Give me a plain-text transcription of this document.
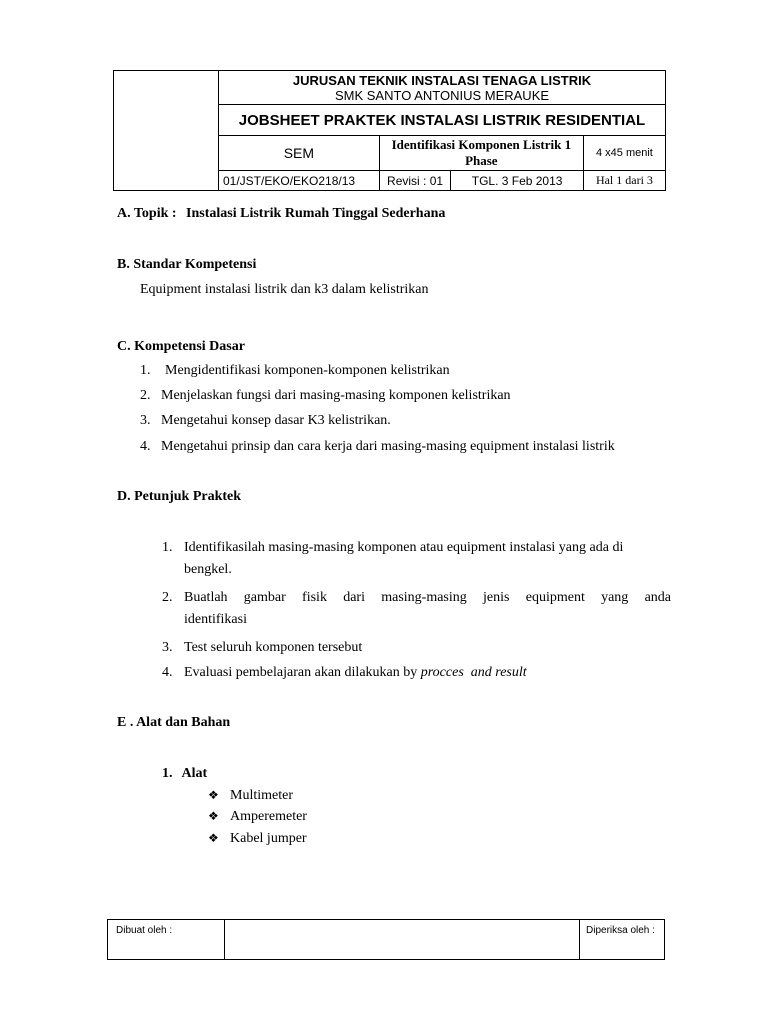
	JURUSAN TEKNIK INSTALASI TENAGA LISTRIK
SMK SANTO ANTONIUS MERAUKE			

	JOBSHEET PRAKTEK INSTALASI LISTRIK RESIDENTIAL			
	SEM	Identifikasi Komponen Listrik 1 Phase		4 x45 menit
	01/JST/EKO/EKO218/13	Revisi : 01	TGL. 3 Feb 2013	Hal 1 dari 3
A. Topik : Instalasi Listrik Rumah Tinggal Sederhana
B. Standar Kompetensi
Equipment instalasi listrik dan k3 dalam kelistrikan
C. Kompetensi Dasar
1. Mengidentifikasi komponen-komponen kelistrikan
2. Menjelaskan fungsi dari masing-masing komponen kelistrikan
3. Mengetahui konsep dasar K3 kelistrikan.
4. Mengetahui prinsip dan cara kerja dari masing-masing equipment instalasi listrik
D. Petunjuk Praktek
1. Identifikasilah masing-masing komponen atau equipment instalasi yang ada di
bengkel.
2. Buatlah  gambar  fisik  dari  masing-masing  jenis  equipment  yang  anda
identifikasi
3. Test seluruh komponen tersebut
4. Evaluasi pembelajaran akan dilakukan by procces  and result
E . Alat dan Bahan
1. Alat
❖ Multimeter
❖ Amperemeter
❖ Kabel jumper
Dibuat oleh :		Diperiksa oleh :
